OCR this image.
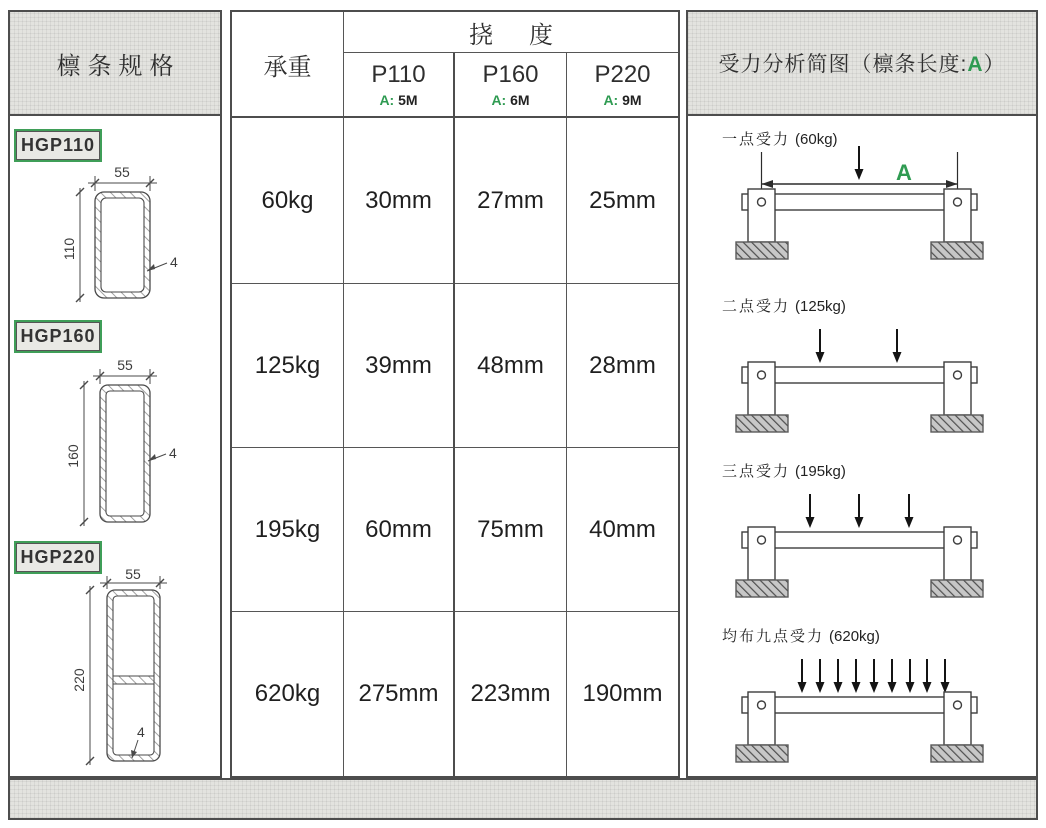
檩条规格
HGP110
55
110
4
HGP160
55
160	4
HGP220
55
220
4
承重
挠度
P110
A: 5M
P160
A: 6M
P220
A: 9M
60kg	30mm	27mm	25mm
125kg	39mm	48mm	28mm
195kg	60mm	75mm	40mm
620kg	275mm	223mm	190mm
受力分析简图（檩条长度:A）
一点受力 (60kg)
A
二点受力 (125kg)
三点受力 (195kg)
均布九点受力 (620kg)
